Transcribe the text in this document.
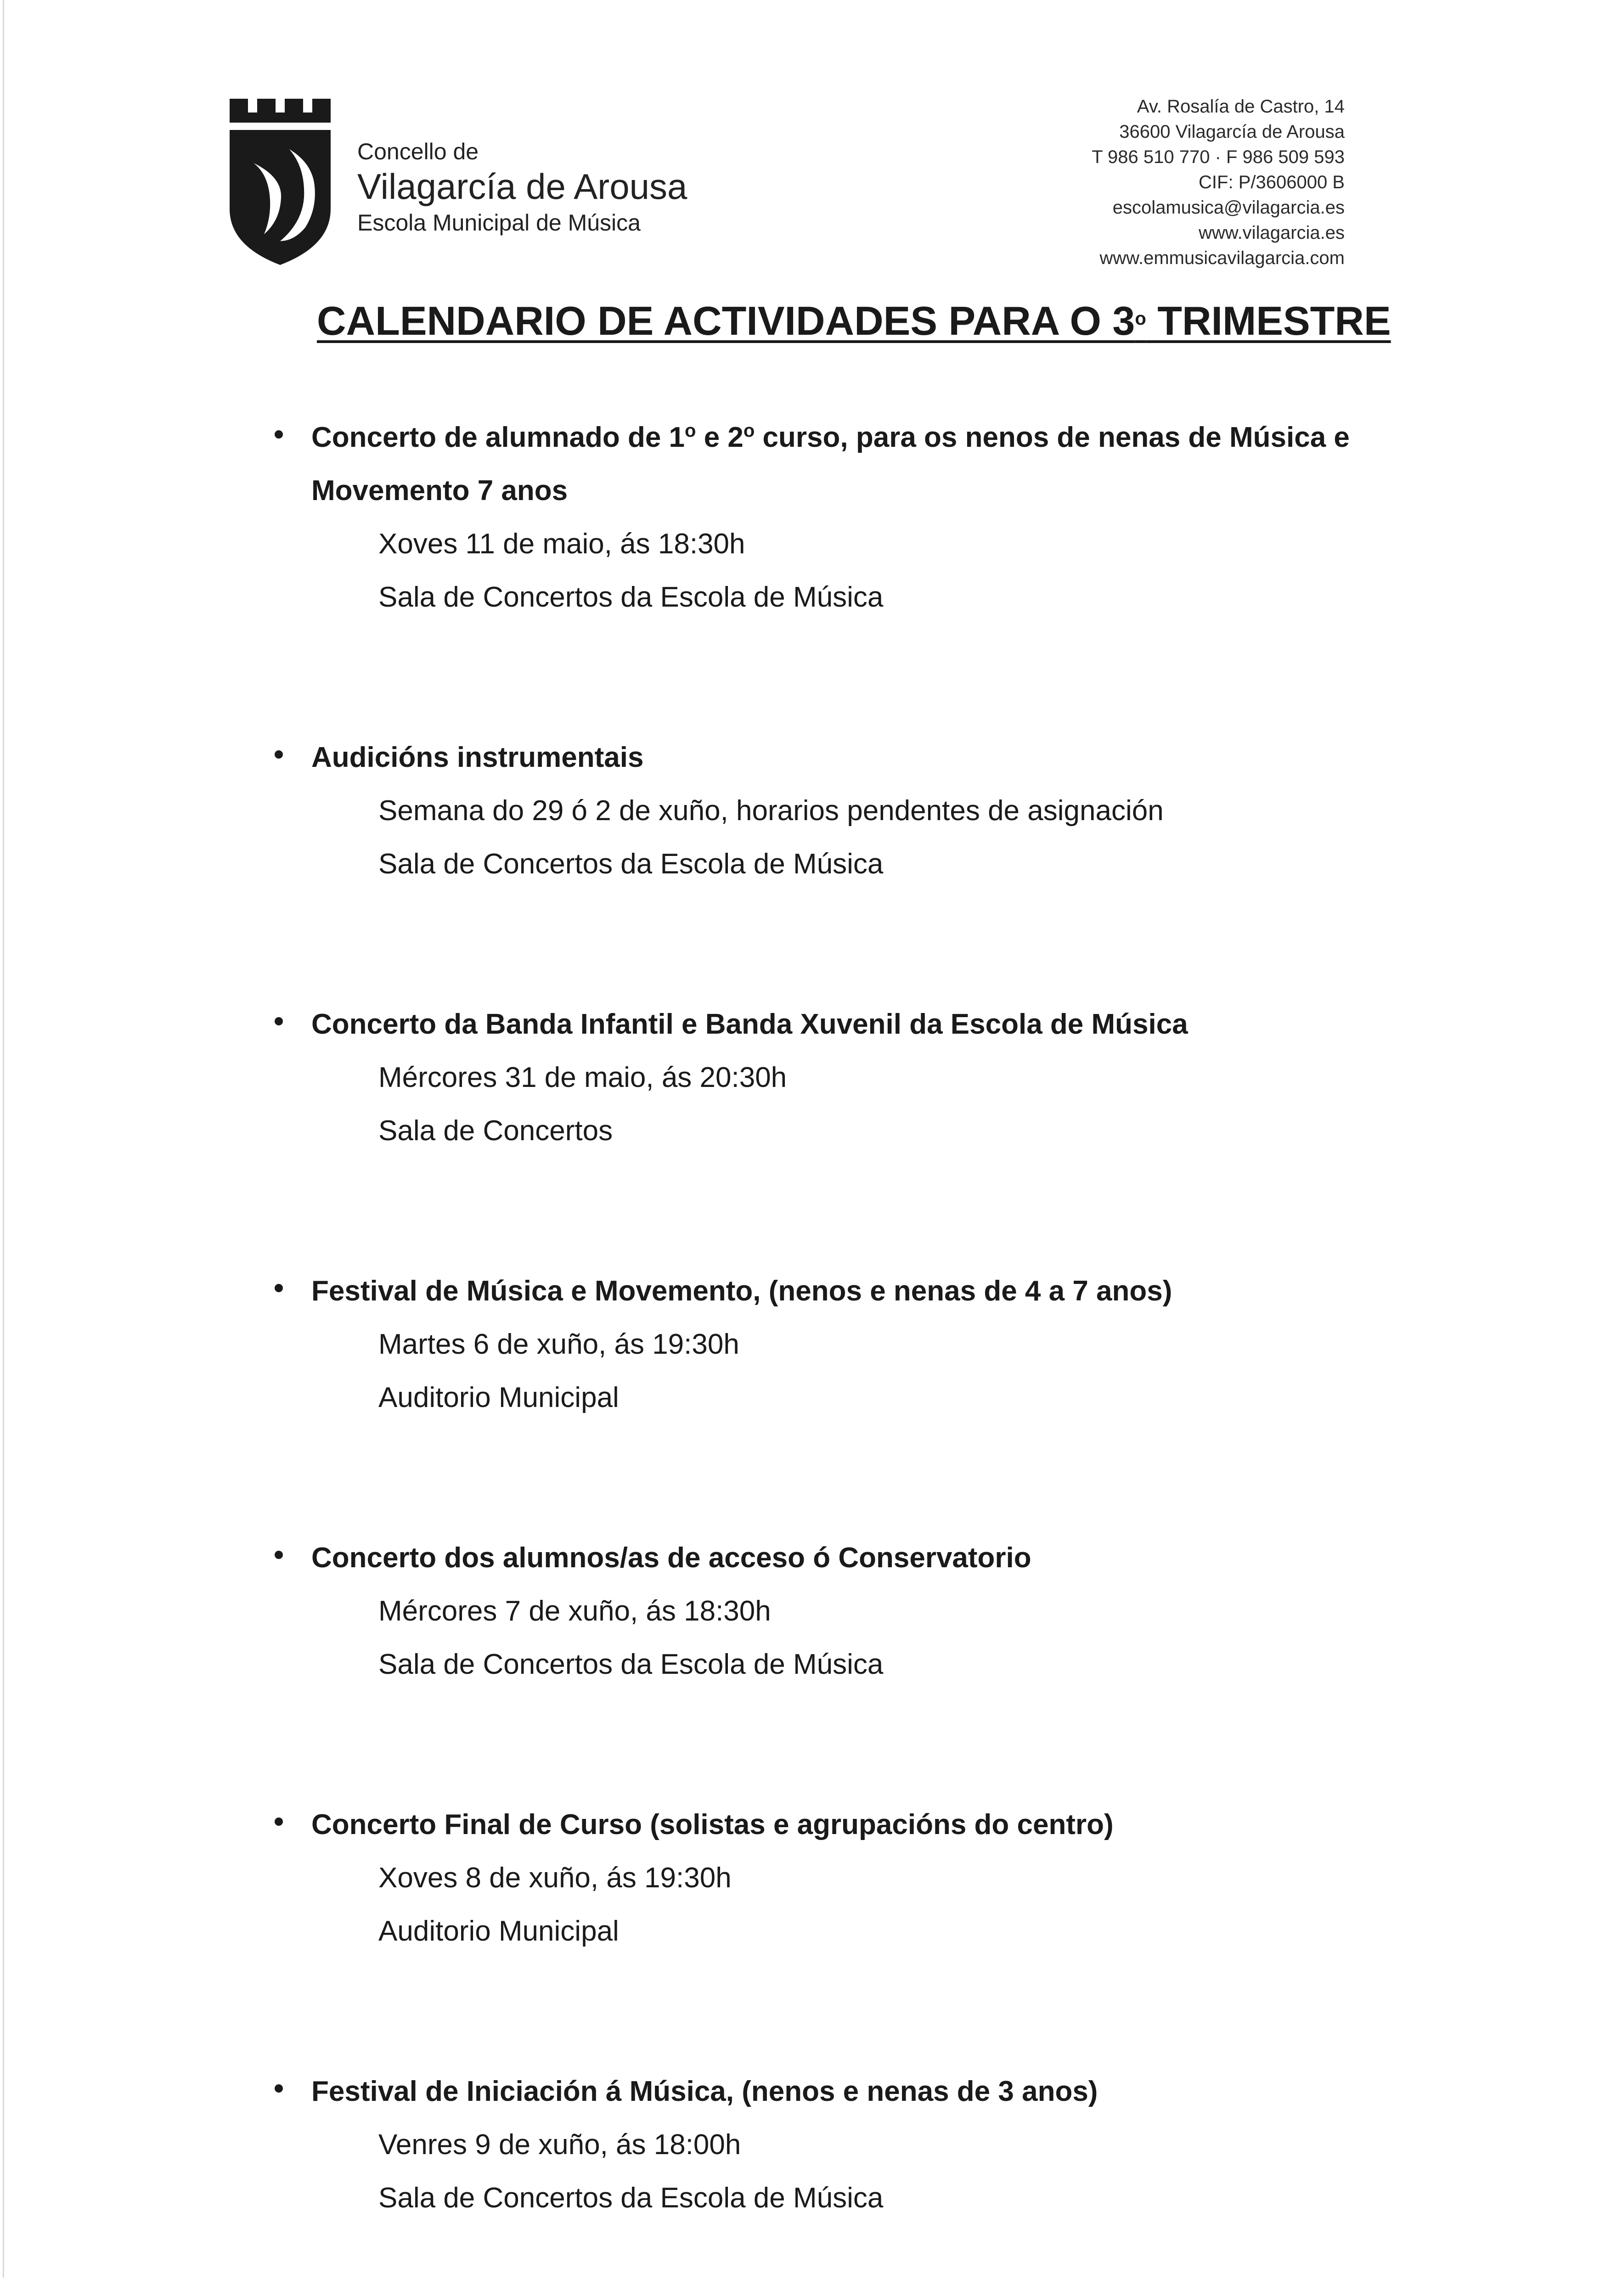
Concello de
Vilagarcía de Arousa
Escola Municipal de Música
Av. Rosalía de Castro, 14
36600 Vilagarcía de Arousa
T 986 510 770 · F 986 509 593
CIF: P/3606000 B
escolamusica@vilagarcia.es
www.vilagarcia.es
www.emmusicavilagarcia.com
CALENDARIO DE ACTIVIDADES PARA O 3$^o$ TRIMESTRE
Concerto de alumnado de 1$^o$ e 2$^o$ curso, para os nenos de nenas de Música e
Movemento 7 anos
Xoves 11 de maio, ás 18:30h
Sala de Concertos da Escola de Música
Audicións instrumentais
Semana do 29 ó 2 de xuño, horarios pendentes de asignación
Sala de Concertos da Escola de Música
Concerto da Banda Infantil e Banda Xuvenil da Escola de Música
Mércores 31 de maio, ás 20:30h
Sala de Concertos
Festival de Música e Movemento, (nenos e nenas de 4 a 7 anos)
Martes 6 de xuño, ás 19:30h
Auditorio Municipal
Concerto dos alumnos/as de acceso ó Conservatorio
Mércores 7 de xuño, ás 18:30h
Sala de Concertos da Escola de Música
Concerto Final de Curso (solistas e agrupacións do centro)
Xoves 8 de xuño, ás 19:30h
Auditorio Municipal
Festival de Iniciación á Música, (nenos e nenas de 3 anos)
Venres 9 de xuño, ás 18:00h
Sala de Concertos da Escola de Música
